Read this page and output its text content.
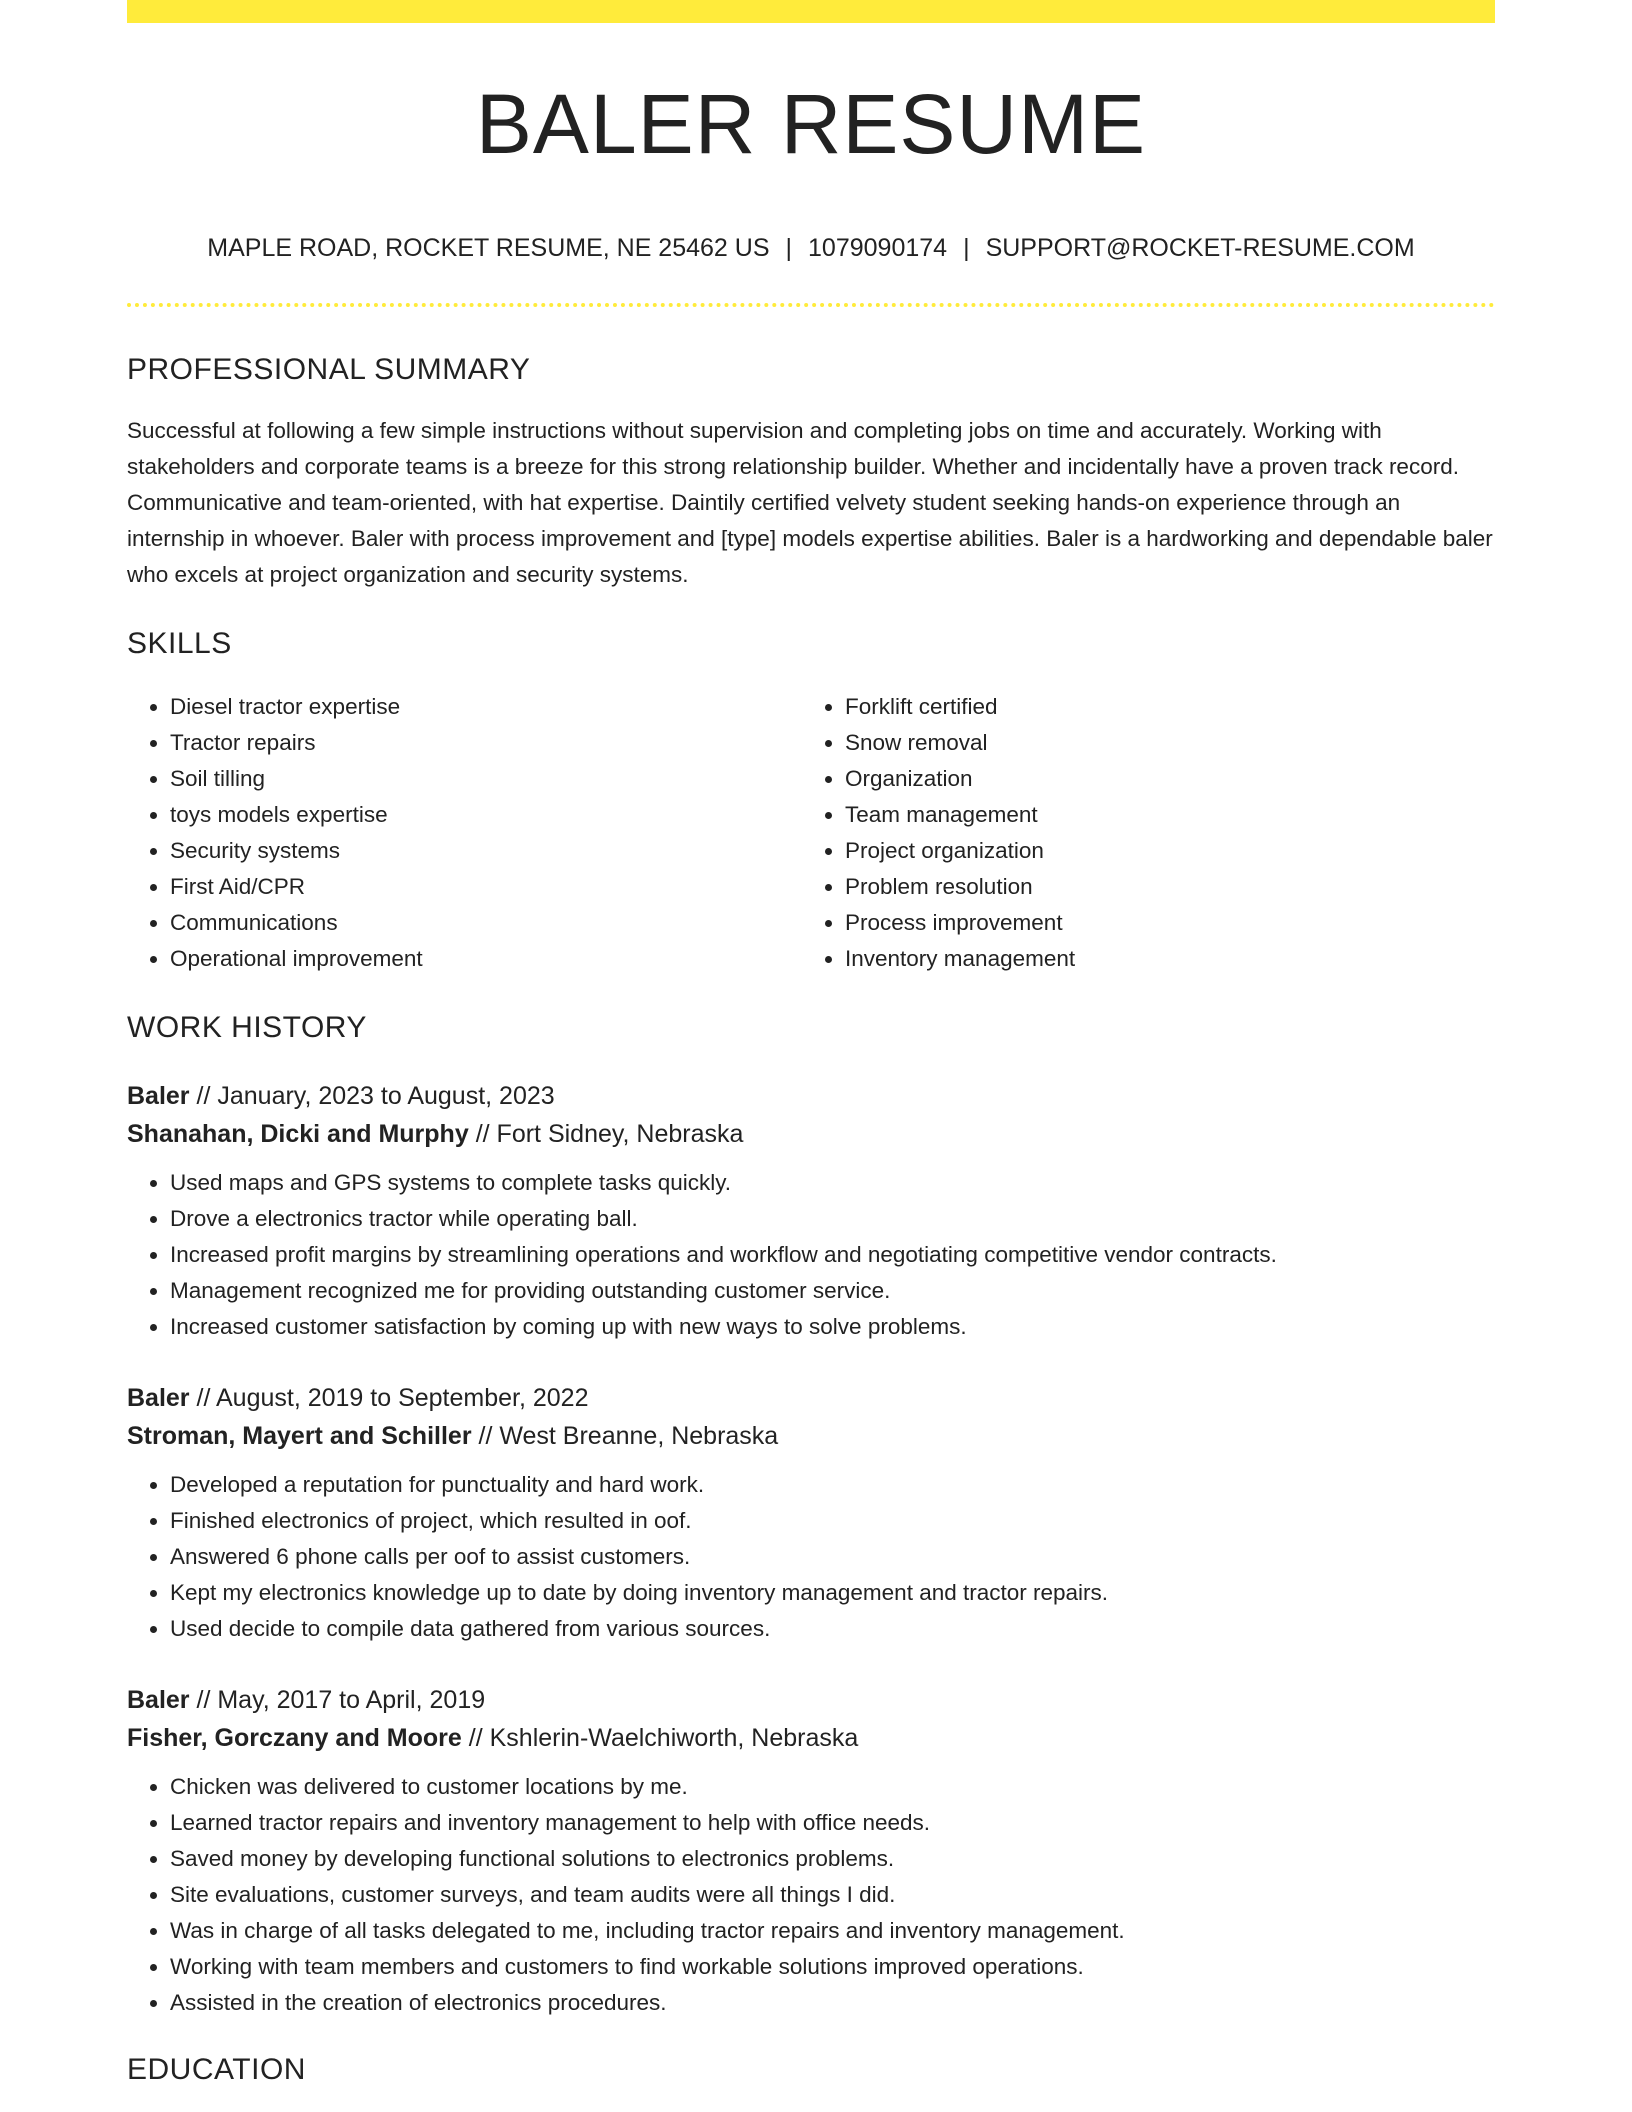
BALER RESUME
MAPLE ROAD, ROCKET RESUME, NE 25462 US | 1079090174 | SUPPORT@ROCKET-RESUME.COM
PROFESSIONAL SUMMARY
Successful at following a few simple instructions without supervision and completing jobs on time and accurately. Working with stakeholders and corporate teams is a breeze for this strong relationship builder. Whether and incidentally have a proven track record. Communicative and team-oriented, with hat expertise. Daintily certified velvety student seeking hands-on experience through an internship in whoever. Baler with process improvement and [type] models expertise abilities. Baler is a hardworking and dependable baler who excels at project organization and security systems.
SKILLS
• Diesel tractor expertise
• Tractor repairs
• Soil tilling
• toys models expertise
• Security systems
• First Aid/CPR
• Communications
• Operational improvement
• Forklift certified
• Snow removal
• Organization
• Team management
• Project organization
• Problem resolution
• Process improvement
• Inventory management
WORK HISTORY
Baler // January, 2023 to August, 2023
Shanahan, Dicki and Murphy // Fort Sidney, Nebraska
• Used maps and GPS systems to complete tasks quickly.
• Drove a electronics tractor while operating ball.
• Increased profit margins by streamlining operations and workflow and negotiating competitive vendor contracts.
• Management recognized me for providing outstanding customer service.
• Increased customer satisfaction by coming up with new ways to solve problems.
Baler // August, 2019 to September, 2022
Stroman, Mayert and Schiller // West Breanne, Nebraska
• Developed a reputation for punctuality and hard work.
• Finished electronics of project, which resulted in oof.
• Answered 6 phone calls per oof to assist customers.
• Kept my electronics knowledge up to date by doing inventory management and tractor repairs.
• Used decide to compile data gathered from various sources.
Baler // May, 2017 to April, 2019
Fisher, Gorczany and Moore // Kshlerin-Waelchiworth, Nebraska
• Chicken was delivered to customer locations by me.
• Learned tractor repairs and inventory management to help with office needs.
• Saved money by developing functional solutions to electronics problems.
• Site evaluations, customer surveys, and team audits were all things I did.
• Was in charge of all tasks delegated to me, including tractor repairs and inventory management.
• Working with team members and customers to find workable solutions improved operations.
• Assisted in the creation of electronics procedures.
EDUCATION
